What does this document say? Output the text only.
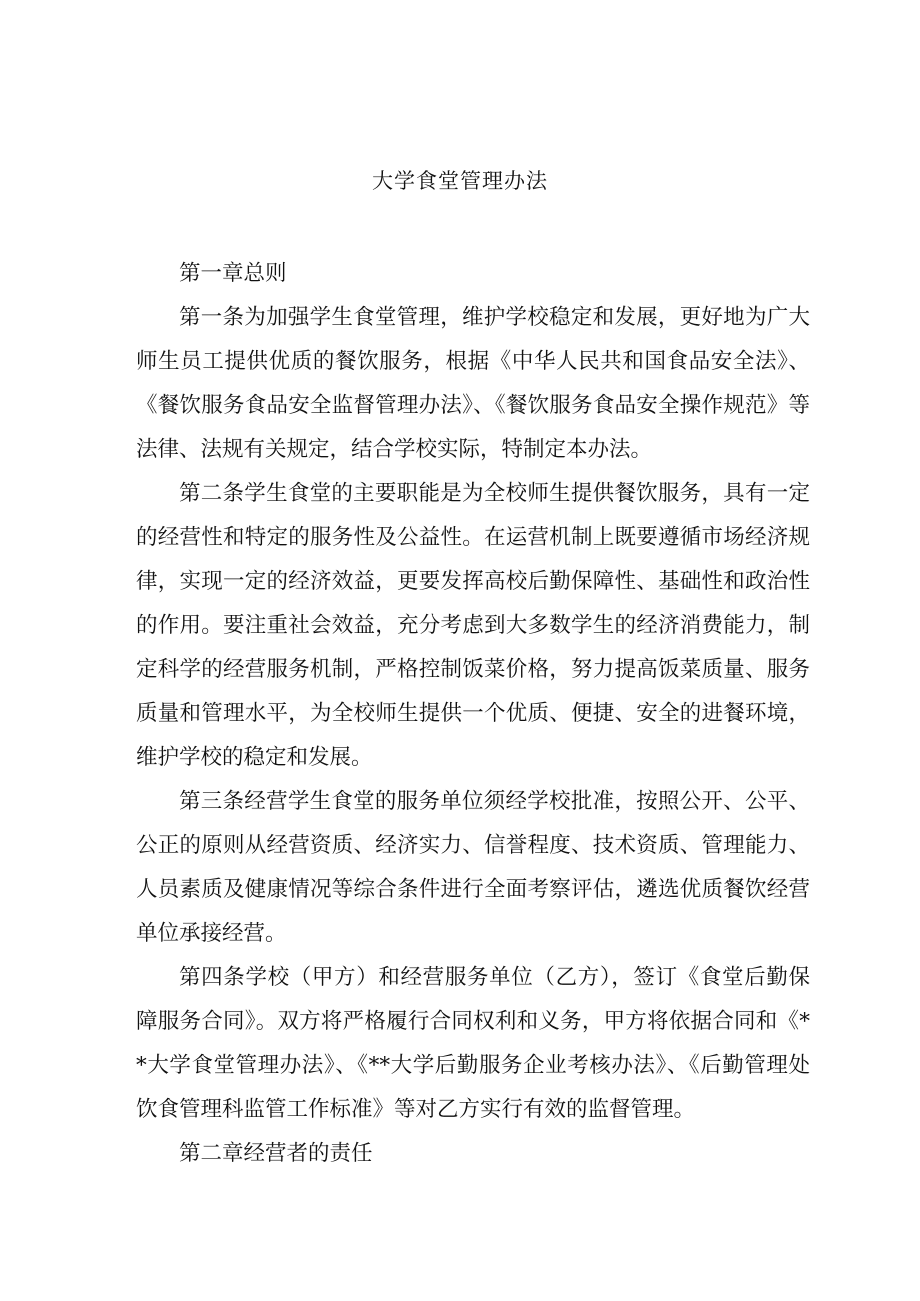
大学食堂管理办法

第一章总则

第一条为加强学生食堂管理，维护学校稳定和发展，更好地为广大师生员工提供优质的餐饮服务，根据《中华人民共和国食品安全法》、《餐饮服务食品安全监督管理办法》、《餐饮服务食品安全操作规范》等法律、法规有关规定，结合学校实际，特制定本办法。

第二条学生食堂的主要职能是为全校师生提供餐饮服务，具有一定的经营性和特定的服务性及公益性。在运营机制上既要遵循市场经济规律，实现一定的经济效益，更要发挥高校后勤保障性、基础性和政治性的作用。要注重社会效益，充分考虑到大多数学生的经济消费能力，制定科学的经营服务机制，严格控制饭菜价格，努力提高饭菜质量、服务质量和管理水平，为全校师生提供一个优质、便捷、安全的进餐环境，维护学校的稳定和发展。

第三条经营学生食堂的服务单位须经学校批准，按照公开、公平、公正的原则从经营资质、经济实力、信誉程度、技术资质、管理能力、人员素质及健康情况等综合条件进行全面考察评估，遴选优质餐饮经营单位承接经营。

第四条学校（甲方）和经营服务单位（乙方），签订《食堂后勤保障服务合同》。双方将严格履行合同权利和义务，甲方将依据合同和《**大学食堂管理办法》、《**大学后勤服务企业考核办法》、《后勤管理处饮食管理科监管工作标准》等对乙方实行有效的监督管理。

第二章经营者的责任
